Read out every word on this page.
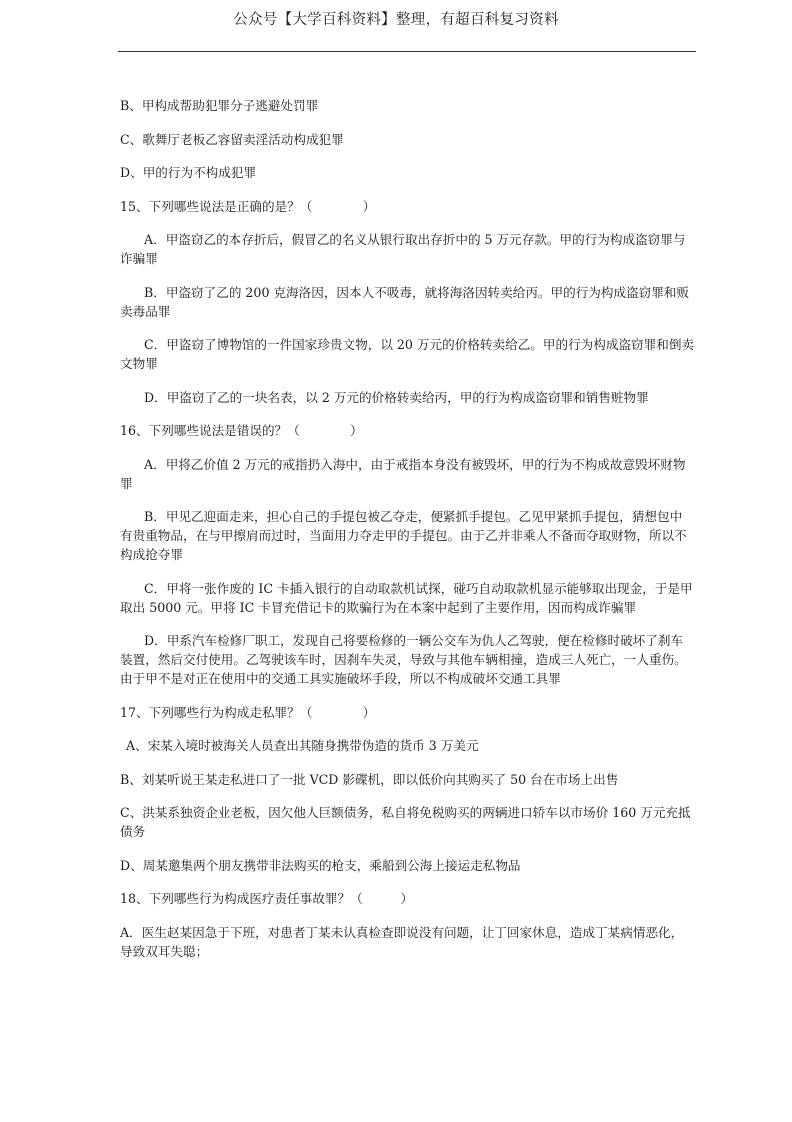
公众号【大学百科资料】整理，有超百科复习资料

B、甲构成帮助犯罪分子逃避处罚罪

C、歌舞厅老板乙容留卖淫活动构成犯罪

D、甲的行为不构成犯罪

15、下列哪些说法是正确的是？（　　　　）

A．甲盗窃乙的本存折后，假冒乙的名义从银行取出存折中的 5 万元存款。甲的行为构成盗窃罪与诈骗罪

B．甲盗窃了乙的 200 克海洛因，因本人不吸毒，就将海洛因转卖给丙。甲的行为构成盗窃罪和贩卖毒品罪

C．甲盗窃了博物馆的一件国家珍贵文物，以 20 万元的价格转卖给乙。甲的行为构成盗窃罪和倒卖文物罪

D．甲盗窃了乙的一块名表，以 2 万元的价格转卖给丙，甲的行为构成盗窃罪和销售赃物罪

16、下列哪些说法是错误的？（　　　　）

A．甲将乙价值 2 万元的戒指扔入海中，由于戒指本身没有被毁坏，甲的行为不构成故意毁坏财物罪

B．甲见乙迎面走来，担心自己的手提包被乙夺走，便紧抓手提包。乙见甲紧抓手提包，猜想包中有贵重物品，在与甲擦肩而过时，当面用力夺走甲的手提包。由于乙并非乘人不备而夺取财物，所以不构成抢夺罪

C．甲将一张作废的 IC 卡插入银行的自动取款机试探，碰巧自动取款机显示能够取出现金，于是甲取出 5000 元。甲将 IC 卡冒充借记卡的欺骗行为在本案中起到了主要作用，因而构成诈骗罪

D．甲系汽车检修厂职工，发现自己将要检修的一辆公交车为仇人乙驾驶，便在检修时破坏了刹车装置，然后交付使用。乙驾驶该车时，因刹车失灵，导致与其他车辆相撞，造成三人死亡，一人重伤。由于甲不是对正在使用中的交通工具实施破坏手段，所以不构成破坏交通工具罪

17、下列哪些行为构成走私罪？（　　　　）

A、宋某入境时被海关人员查出其随身携带伪造的货币 3 万美元

B、刘某听说王某走私进口了一批 VCD 影碟机，即以低价向其购买了 50 台在市场上出售

C、洪某系独资企业老板，因欠他人巨额债务，私自将免税购买的两辆进口轿车以市场价 160 万元充抵债务

D、周某邀集两个朋友携带非法购买的枪支，乘船到公海上接运走私物品

18、下列哪些行为构成医疗责任事故罪？（　　　）

A．医生赵某因急于下班，对患者丁某未认真检查即说没有问题，让丁回家休息，造成丁某病情恶化，导致双耳失聪；
